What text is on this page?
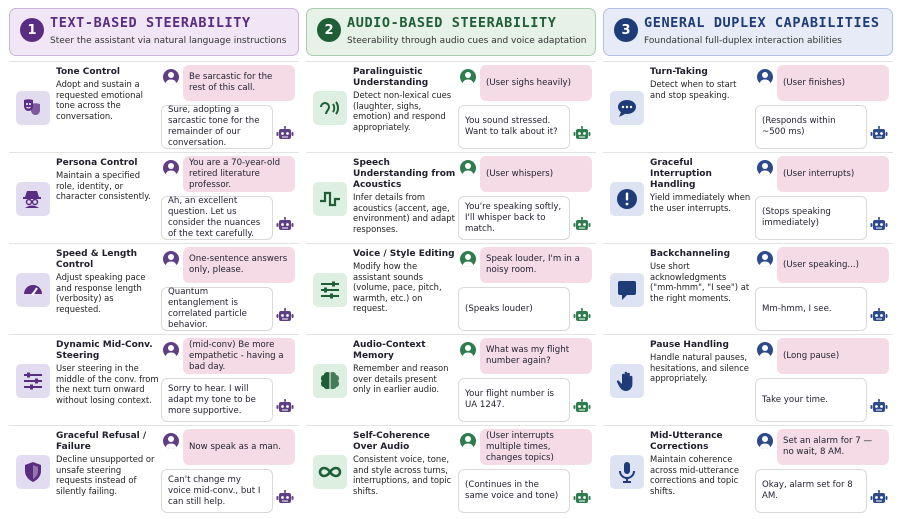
1 TEXT-BASED STEERABILITY
Steer the assistant via natural language instructions
Tone Control
Adopt and sustain a requested emotional tone across the conversation.
Be sarcastic for the rest of this call.
Sure, adopting a sarcastic tone for the remainder of our conversation.
Persona Control
Maintain a specified role, identity, or character consistently.
You are a 70-year-old retired literature professor.
Ah, an excellent question. Let us consider the nuances of the text carefully.
Speed & Length Control
Adjust speaking pace and response length (verbosity) as requested.
One-sentence answers only, please.
Quantum entanglement is correlated particle behavior.
Dynamic Mid-Conv. Steering
User steering in the middle of the conv. from the next turn onward without losing context.
(mid-conv) Be more empathetic - having a bad day.
Sorry to hear. I will adapt my tone to be more supportive.
Graceful Refusal / Failure
Decline unsupported or unsafe steering requests instead of silently failing.
Now speak as a man.
Can't change my voice mid-conv., but I can still help.
2 AUDIO-BASED STEERABILITY
Steerability through audio cues and voice adaptation
Paralinguistic Understanding
Detect non-lexical cues (laughter, sighs, emotion) and respond appropriately.
(User sighs heavily)
You sound stressed. Want to talk about it?
Speech Understanding from Acoustics
Infer details from acoustics (accent, age, environment) and adapt responses.
(User whispers)
You're speaking softly, I'll whisper back to match.
Voice / Style Editing
Modify how the assistant sounds (volume, pace, pitch, warmth, etc.) on request.
Speak louder, I'm in a noisy room.
(Speaks louder)
Audio-Context Memory
Remember and reason over details present only in earlier audio.
What was my flight number again?
Your flight number is UA 1247.
Self-Coherence Over Audio
Consistent voice, tone, and style across turns, interruptions, and topic shifts.
(User interrupts multiple times, changes topics)
(Continues in the same voice and tone)
3 GENERAL DUPLEX CAPABILITIES
Foundational full-duplex interaction abilities
Turn-Taking
Detect when to start and stop speaking.
(User finishes)
(Responds within ~500 ms)
Graceful Interruption Handling
Yield immediately when the user interrupts.
(User interrupts)
(Stops speaking immediately)
Backchanneling
Use short acknowledgments ("mm-hmm", "I see") at the right moments.
(User speaking...)
Mm-hmm, I see.
Pause Handling
Handle natural pauses, hesitations, and silence appropriately.
(Long pause)
Take your time.
Mid-Utterance Corrections
Maintain coherence across mid-utterance corrections and topic shifts.
Set an alarm for 7 — no wait, 8 AM.
Okay, alarm set for 8 AM.
